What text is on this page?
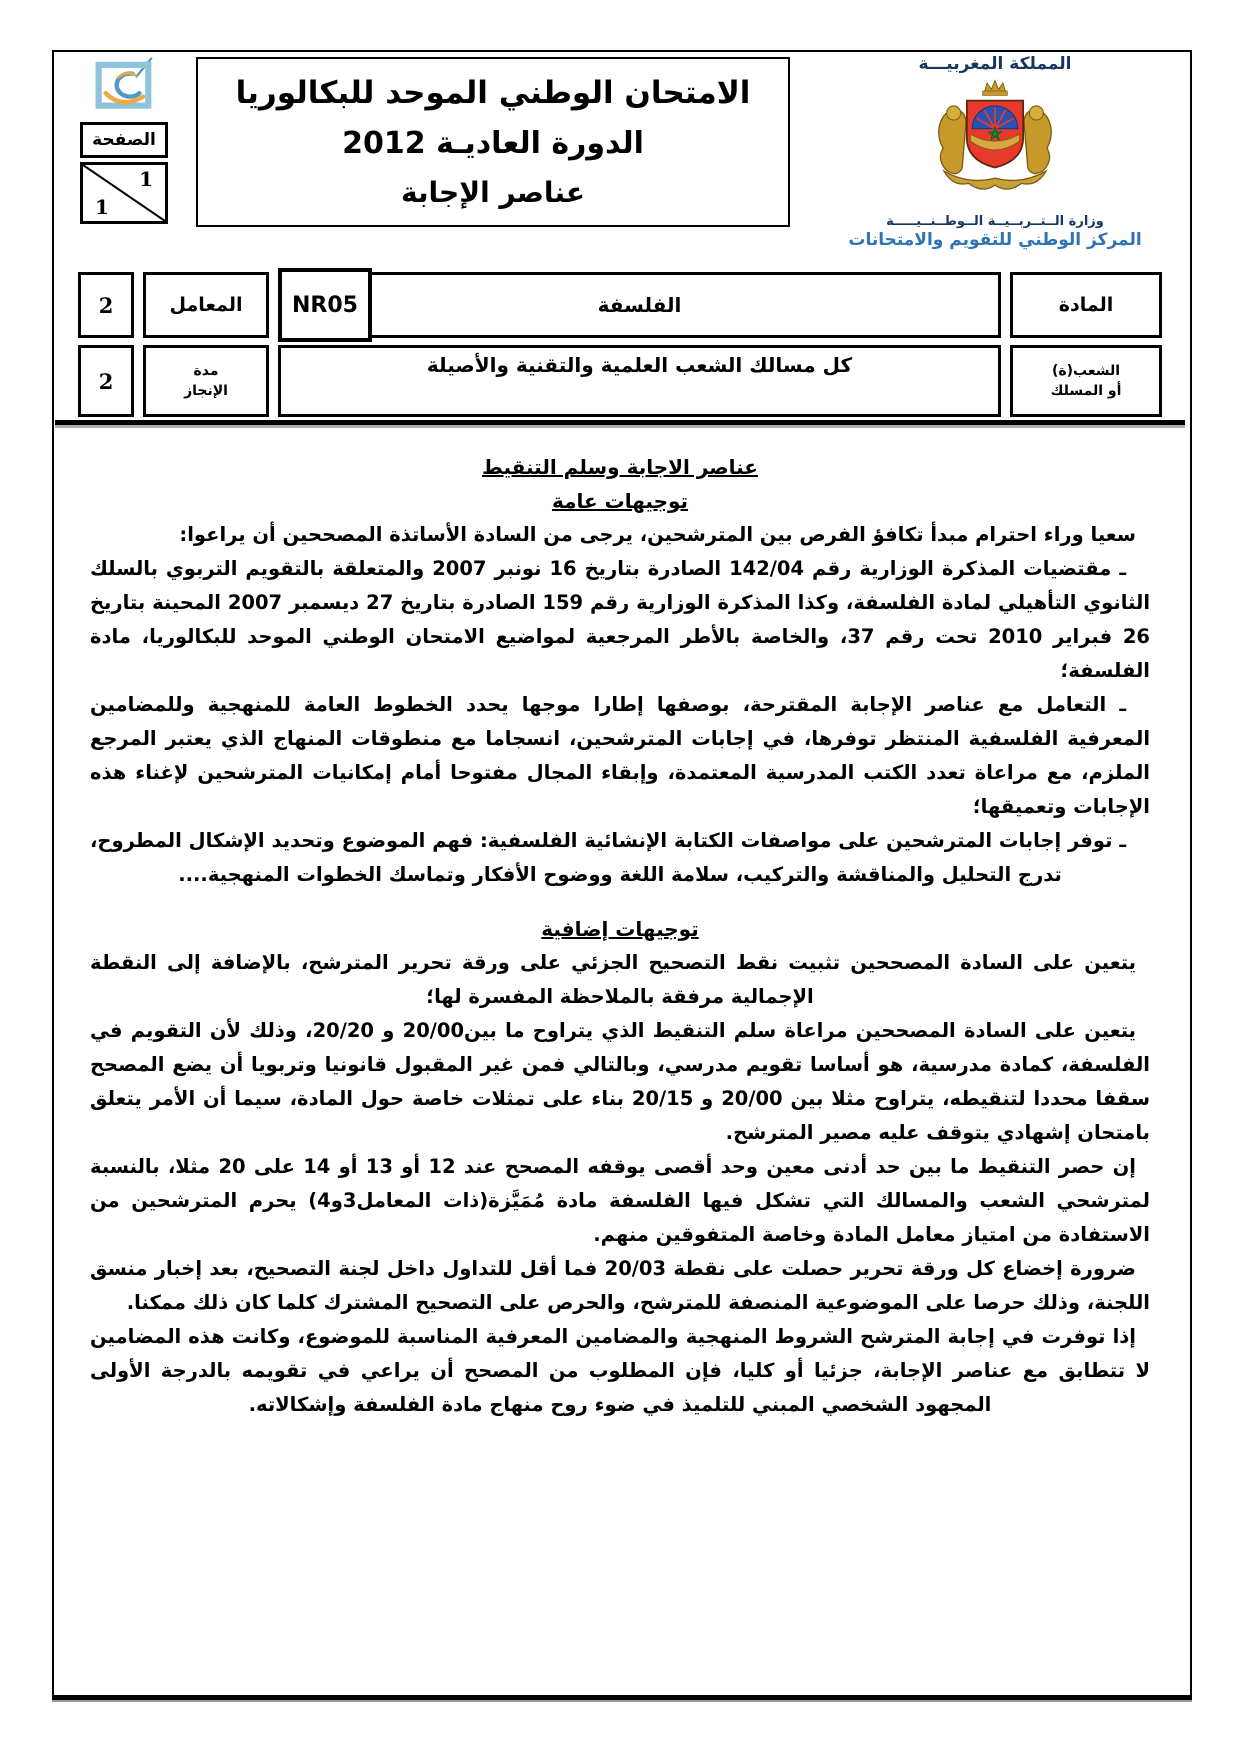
الصفحة
1
1
الامتحان الوطني الموحد للبكالوريا
الدورة العاديـة 2012
عناصر الإجابة
المملكة المغربيـــة
وزارة الــتــربــيــة الــوطــنــيـــــة
المركز الوطني للتقويم والامتحانات
المادة
الفلسفة
NR05
المعامل
2
الشعب(ة)
أو المسلك
كل مسالك الشعب العلمية والتقنية والأصيلة
مدة
الإنجاز
2
عناصر الاجابة وسلم التنقيط
توجيهات عامة
سعيا وراء احترام مبدأ تكافؤ الفرص بين المترشحين، يرجى من السادة الأساتذة المصححين أن يراعوا:
ـ مقتضيات المذكرة الوزارية رقم 142/04 الصادرة بتاريخ 16 نونبر 2007 والمتعلقة بالتقويم التربوي بالسلك الثانوي التأهيلي لمادة الفلسفة، وكذا المذكرة الوزارية رقم 159 الصادرة بتاريخ 27 ديسمبر 2007 المحينة بتاريخ 26 فبراير 2010 تحت رقم 37، والخاصة بالأطر المرجعية لمواضيع الامتحان الوطني الموحد للبكالوريا، مادة الفلسفة؛
ـ التعامل مع عناصر الإجابة المقترحة، بوصفها إطارا موجها يحدد الخطوط العامة للمنهجية وللمضامين المعرفية الفلسفية المنتظر توفرها، في إجابات المترشحين، انسجاما مع منطوقات المنهاج الذي يعتبر المرجع الملزم، مع مراعاة تعدد الكتب المدرسية المعتمدة، وإبقاء المجال مفتوحا أمام إمكانيات المترشحين لإغناء هذه الإجابات وتعميقها؛
ـ توفر إجابات المترشحين على مواصفات الكتابة الإنشائية الفلسفية: فهم الموضوع وتحديد الإشكال المطروح، تدرج التحليل والمناقشة والتركيب، سلامة اللغة ووضوح الأفكار وتماسك الخطوات المنهجية....
توجيهات إضافية
يتعين على السادة المصححين تثبيت نقط التصحيح الجزئي على ورقة تحرير المترشح، بالإضافة إلى النقطة الإجمالية مرفقة بالملاحظة المفسرة لها؛
يتعين على السادة المصححين مراعاة سلم التنقيط الذي يتراوح ما بين20/00 و 20/20، وذلك لأن التقويم في الفلسفة، كمادة مدرسية، هو أساسا تقويم مدرسي، وبالتالي فمن غير المقبول قانونيا وتربويا أن يضع المصحح سقفا محددا لتنقيطه، يتراوح مثلا بين 20/00 و 20/15 بناء على تمثلات خاصة حول المادة، سيما أن الأمر يتعلق بامتحان إشهادي يتوقف عليه مصير المترشح.
إن حصر التنقيط ما بين حد أدنى معين وحد أقصى يوقفه المصحح عند 12 أو 13 أو 14 على 20 مثلا، بالنسبة لمترشحي الشعب والمسالك التي تشكل فيها الفلسفة مادة مُمَيَّزة(ذات المعامل3و4) يحرم المترشحين من الاستفادة من امتياز معامل المادة وخاصة المتفوقين منهم.
ضرورة إخضاع كل ورقة تحرير حصلت على نقطة 20/03 فما أقل للتداول داخل لجنة التصحيح، بعد إخبار منسق اللجنة، وذلك حرصا على الموضوعية المنصفة للمترشح، والحرص على التصحيح المشترك كلما كان ذلك ممكنا.
إذا توفرت في إجابة المترشح الشروط المنهجية والمضامين المعرفية المناسبة للموضوع، وكانت هذه المضامين لا تتطابق مع عناصر الإجابة، جزئيا أو كليا، فإن المطلوب من المصحح أن يراعي في تقويمه بالدرجة الأولى المجهود الشخصي المبني للتلميذ في ضوء روح منهاج مادة الفلسفة وإشكالاته.
